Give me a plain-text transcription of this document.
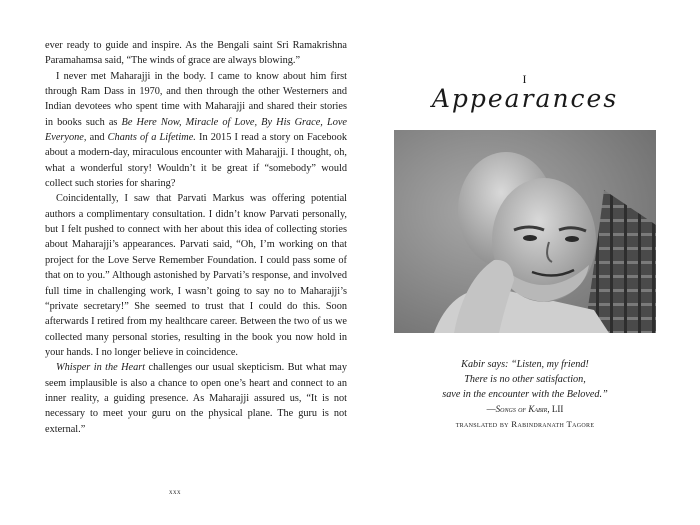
ever ready to guide and inspire. As the Bengali saint Sri Ramakrishna Paramahamsa said, “The winds of grace are always blowing.”

I never met Maharajji in the body. I came to know about him first through Ram Dass in 1970, and then through the other Westerners and Indian devotees who spent time with Maharajji and shared their stories in books such as Be Here Now, Miracle of Love, By His Grace, Love Everyone, and Chants of a Lifetime. In 2015 I read a story on Facebook about a modern-day, miraculous encounter with Maharajji. I thought, oh, what a wonderful story! Wouldn’t it be great if “somebody” would collect such stories for sharing?

Coincidentally, I saw that Parvati Markus was offering potential authors a complimentary consultation. I didn’t know Parvati personally, but I felt pushed to connect with her about this idea of collecting stories about Maharajji’s appearances. Parvati said, “Oh, I’m working on that project for the Love Serve Remember Foundation. I could pass some of that on to you.” Although astonished by Parvati’s response, and involved full time in challenging work, I wasn’t going to say no to Maharajji’s “private secretary!” She seemed to trust that I could do this. Soon afterwards I retired from my healthcare career. Between the two of us we collected many personal stories, resulting in the book you now hold in your hands. I no longer believe in coincidence.

Whisper in the Heart challenges our usual skepticism. But what may seem implausible is also a chance to open one’s heart and connect to an inner reality, a guiding presence. As Maharajji assured us, “It is not necessary to meet your guru on the physical plane. The guru is not external.”

xxx
I
Appearances
Kabir says: “Listen, my friend!
There is no other satisfaction,
save in the encounter with the Beloved.”
—Songs of Kabir, LII
translated by Rabindranath Tagore
